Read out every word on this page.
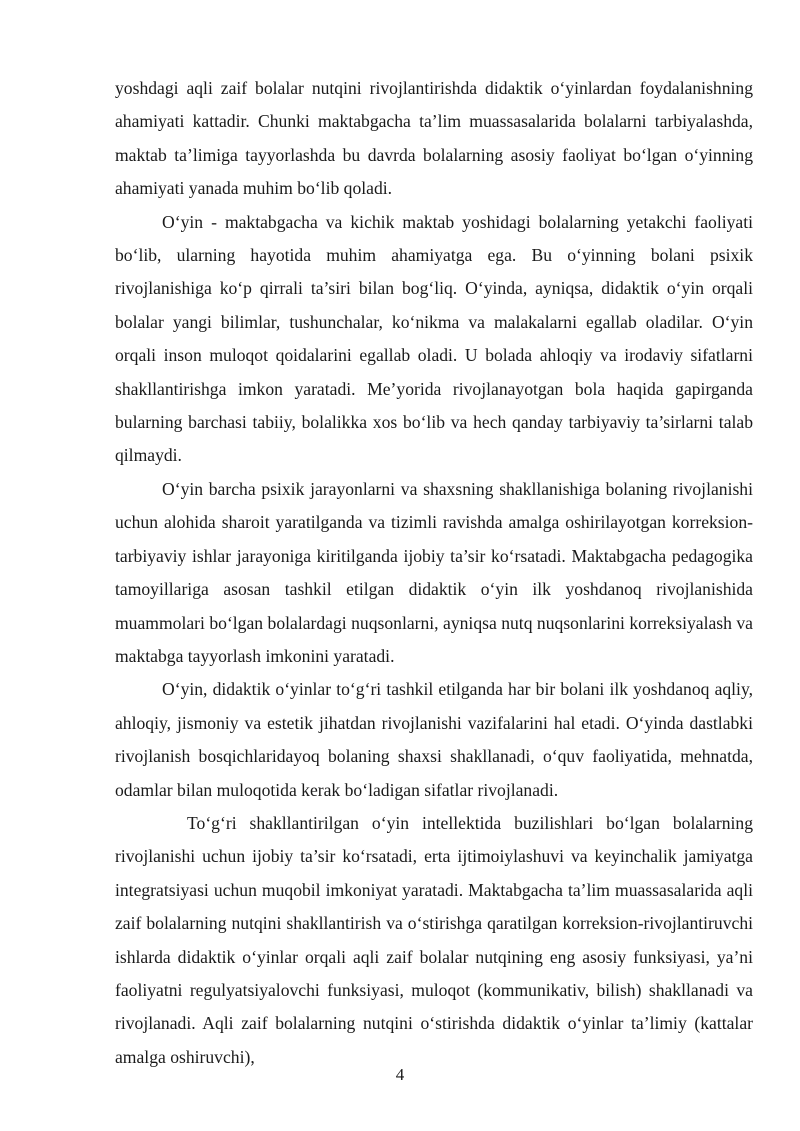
yoshdagi aqli zaif bolalar nutqini rivojlantirishda didaktik o‘yinlardan foydalanishning ahamiyati kattadir. Chunki maktabgacha ta’lim muassasalarida bolalarni tarbiyalashda, maktab ta’limiga tayyorlashda bu davrda bolalarning asosiy faoliyat bo‘lgan o‘yinning ahamiyati yanada muhim bo‘lib qoladi.

O‘yin - maktabgacha va kichik maktab yoshidagi bolalarning yetakchi faoliyati bo‘lib, ularning hayotida muhim ahamiyatga ega. Bu o‘yinning bolani psixik rivojlanishiga ko‘p qirrali ta’siri bilan bog‘liq. O‘yinda, ayniqsa, didaktik o‘yin orqali bolalar yangi bilimlar, tushunchalar, ko‘nikma va malakalarni egallab oladilar. O‘yin orqali inson muloqot qoidalarini egallab oladi. U bolada ahloqiy va irodaviy sifatlarni shakllantirishga imkon yaratadi. Me’yorida rivojlanayotgan bola haqida gapirganda bularning barchasi tabiiy, bolalikka xos bo‘lib va hech qanday tarbiyaviy ta’sirlarni talab qilmaydi.

O‘yin barcha psixik jarayonlarni va shaxsning shakllanishiga bolaning rivojlanishi uchun alohida sharoit yaratilganda va tizimli ravishda amalga oshirilayotgan korreksion-tarbiyaviy ishlar jarayoniga kiritilganda ijobiy ta’sir ko‘rsatadi. Maktabgacha pedagogika tamoyillariga asosan tashkil etilgan didaktik o‘yin ilk yoshdanoq rivojlanishida muammolari bo‘lgan bolalardagi nuqsonlarni, ayniqsa nutq nuqsonlarini korreksiyalash va maktabga tayyorlash imkonini yaratadi.

O‘yin, didaktik o‘yinlar to‘g‘ri tashkil etilganda har bir bolani ilk yoshdanoq aqliy, ahloqiy, jismoniy va estetik jihatdan rivojlanishi vazifalarini hal etadi. O‘yinda dastlabki rivojlanish bosqichlaridayoq bolaning shaxsi shakllanadi, o‘quv faoliyatida, mehnatda, odamlar bilan muloqotida kerak bo‘ladigan sifatlar rivojlanadi.

To‘g‘ri shakllantirilgan o‘yin intellektida buzilishlari bo‘lgan bolalarning rivojlanishi uchun ijobiy ta’sir ko‘rsatadi, erta ijtimoiylashuvi va keyinchalik jamiyatga integratsiyasi uchun muqobil imkoniyat yaratadi. Maktabgacha ta’lim muassasalarida aqli zaif bolalarning nutqini shakllantirish va o‘stirishga qaratilgan korreksion-rivojlantiruvchi ishlarda didaktik o‘yinlar orqali aqli zaif bolalar nutqining eng asosiy funksiyasi, ya’ni faoliyatni regulyatsiyalovchi funksiyasi, muloqot (kommunikativ, bilish) shakllanadi va rivojlanadi. Aqli zaif bolalarning nutqini o‘stirishda didaktik o‘yinlar ta’limiy (kattalar amalga oshiruvchi),

4
